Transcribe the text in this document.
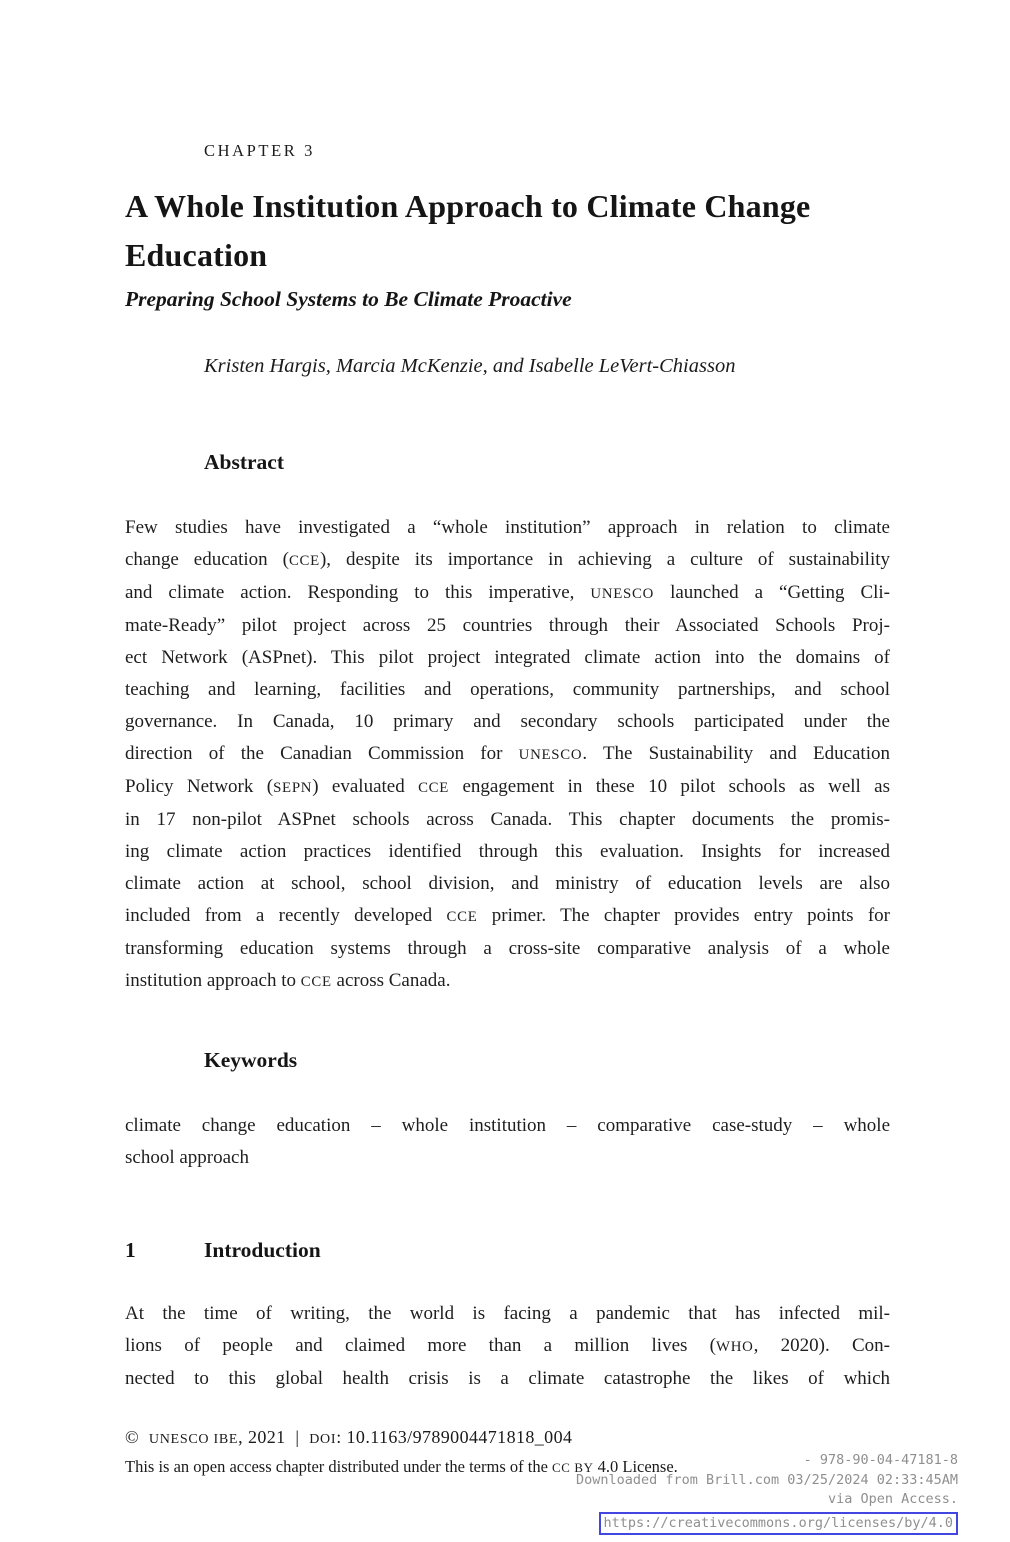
CHAPTER 3
A Whole Institution Approach to Climate Change
Education
Preparing School Systems to Be Climate Proactive
Kristen Hargis, Marcia McKenzie, and Isabelle LeVert-Chiasson
Abstract
Few studies have investigated a “whole institution” approach in relation to climate
change education (CCE), despite its importance in achieving a culture of sustainability
and climate action. Responding to this imperative, UNESCO launched a “Getting Cli-
mate-Ready” pilot project across 25 countries through their Associated Schools Proj-
ect Network (ASPnet). This pilot project integrated climate action into the domains of
teaching and learning, facilities and operations, community partnerships, and school
governance. In Canada, 10 primary and secondary schools participated under the
direction of the Canadian Commission for UNESCO. The Sustainability and Education
Policy Network (SEPN) evaluated CCE engagement in these 10 pilot schools as well as
in 17 non-pilot ASPnet schools across Canada. This chapter documents the promis-
ing climate action practices identified through this evaluation. Insights for increased
climate action at school, school division, and ministry of education levels are also
included from a recently developed CCE primer. The chapter provides entry points for
transforming education systems through a cross-site comparative analysis of a whole
institution approach to CCE across Canada.
Keywords
climate change education – whole institution – comparative case-study – whole
school approach
1	Introduction
At the time of writing, the world is facing a pandemic that has infected mil-
lions of people and claimed more than a million lives (WHO, 2020). Con-
nected to this global health crisis is a climate catastrophe the likes of which
©  UNESCO IBE, 2021  | DOI: 10.1163/9789004471818_004
This is an open access chapter distributed under the terms of the CC BY 4.0 License.	- 978-90-04-47181-8
Downloaded from Brill.com 03/25/2024 02:33:45AM
via Open Access.
https://creativecommons.org/licenses/by/4.0
